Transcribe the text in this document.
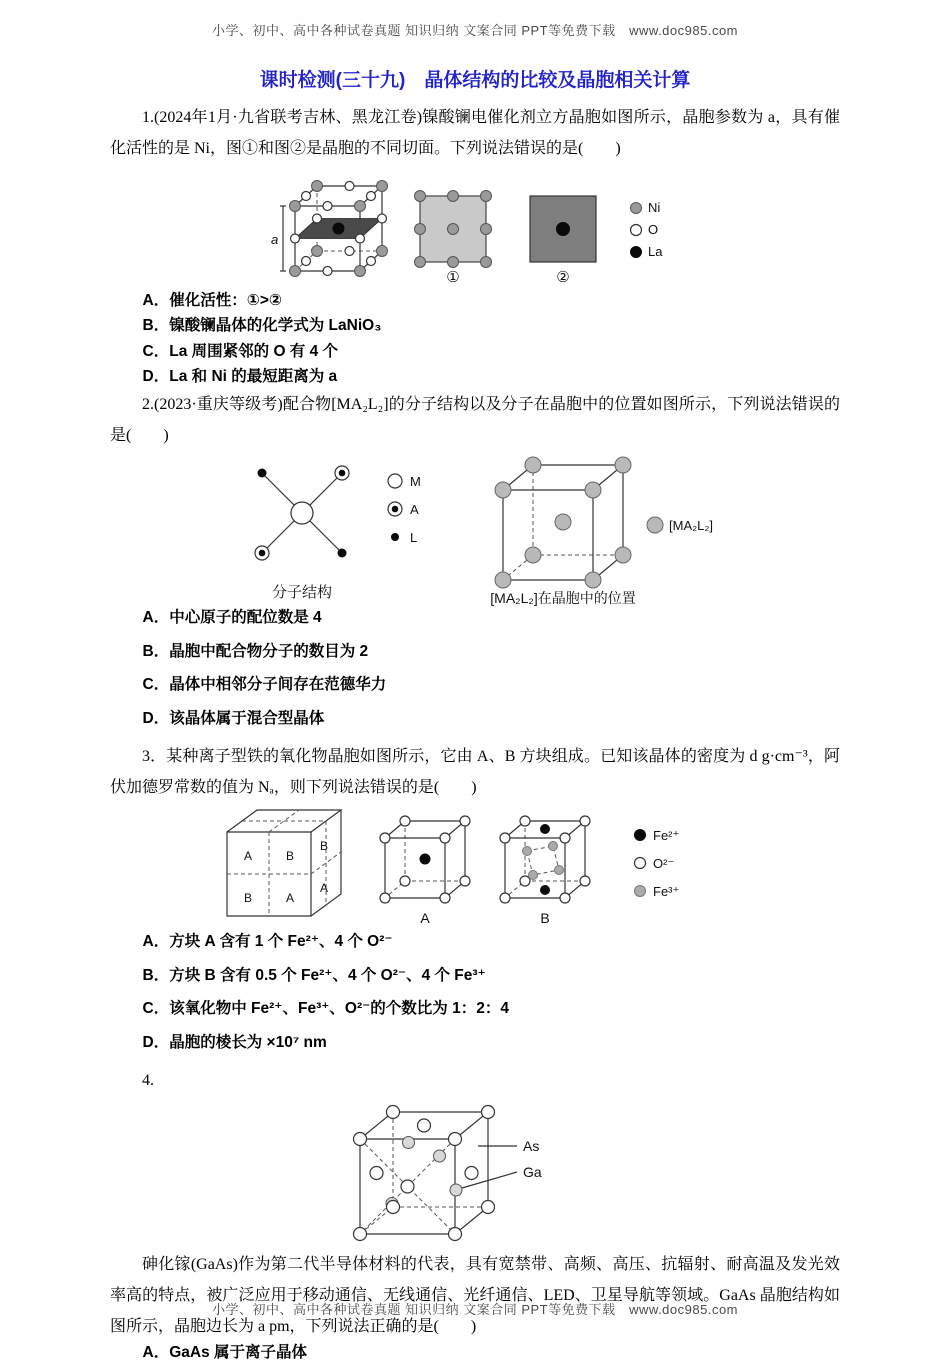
小学、初中、高中各种试卷真题 知识归纳 文案合同 PPT等免费下载　www.doc985.com
课时检测(三十九)　晶体结构的比较及晶胞相关计算

1.(2024年1月·九省联考吉林、黑龙江卷)镍酸镧电催化剂立方晶胞如图所示，晶胞参数为 a，具有催化活性的是 Ni，图①和图②是晶胞的不同切面。下列说法错误的是(　　)

a
①	②
Ni
O
La

A．催化活性：①>②

B．镍酸镧晶体的化学式为 LaNiO₃

C．La 周围紧邻的 O 有 4 个

D．La 和 Ni 的最短距离为 a

2.(2023·重庆等级考)配合物[MA₂L₂]的分子结构以及分子在晶胞中的位置如图所示，下列说法错误的是(　　)

分子结构
M
A
L
[MA₂L₂]在晶胞中的位置
[MA₂L₂]

A．中心原子的配位数是 4

B．晶胞中配合物分子的数目为 2

C．晶体中相邻分子间存在范德华力

D．该晶体属于混合型晶体

3．某种离子型铁的氧化物晶胞如图所示，它由 A、B 方块组成。已知该晶体的密度为 d g·cm⁻³，阿伏加德罗常数的值为 Nₐ，则下列说法错误的是(　　)

A	B
B	A
B
A
A	B
Fe²⁺
O²⁻
Fe³⁺

A．方块 A 含有 1 个 Fe²⁺、4 个 O²⁻

B．方块 B 含有 0.5 个 Fe²⁺、4 个 O²⁻、4 个 Fe³⁺

C．该氧化物中 Fe²⁺、Fe³⁺、O²⁻的个数比为 1：2：4

D．晶胞的棱长为 ×10⁷ nm

4.

As
Ga

砷化镓(GaAs)作为第二代半导体材料的代表，具有宽禁带、高频、高压、抗辐射、耐高温及发光效率高的特点，被广泛应用于移动通信、无线通信、光纤通信、LED、卫星导航等领域。GaAs 晶胞结构如图所示，晶胞边长为 a pm，下列说法正确的是(　　)

A．GaAs 属于离子晶体

小学、初中、高中各种试卷真题 知识归纳 文案合同 PPT等免费下载　www.doc985.com
